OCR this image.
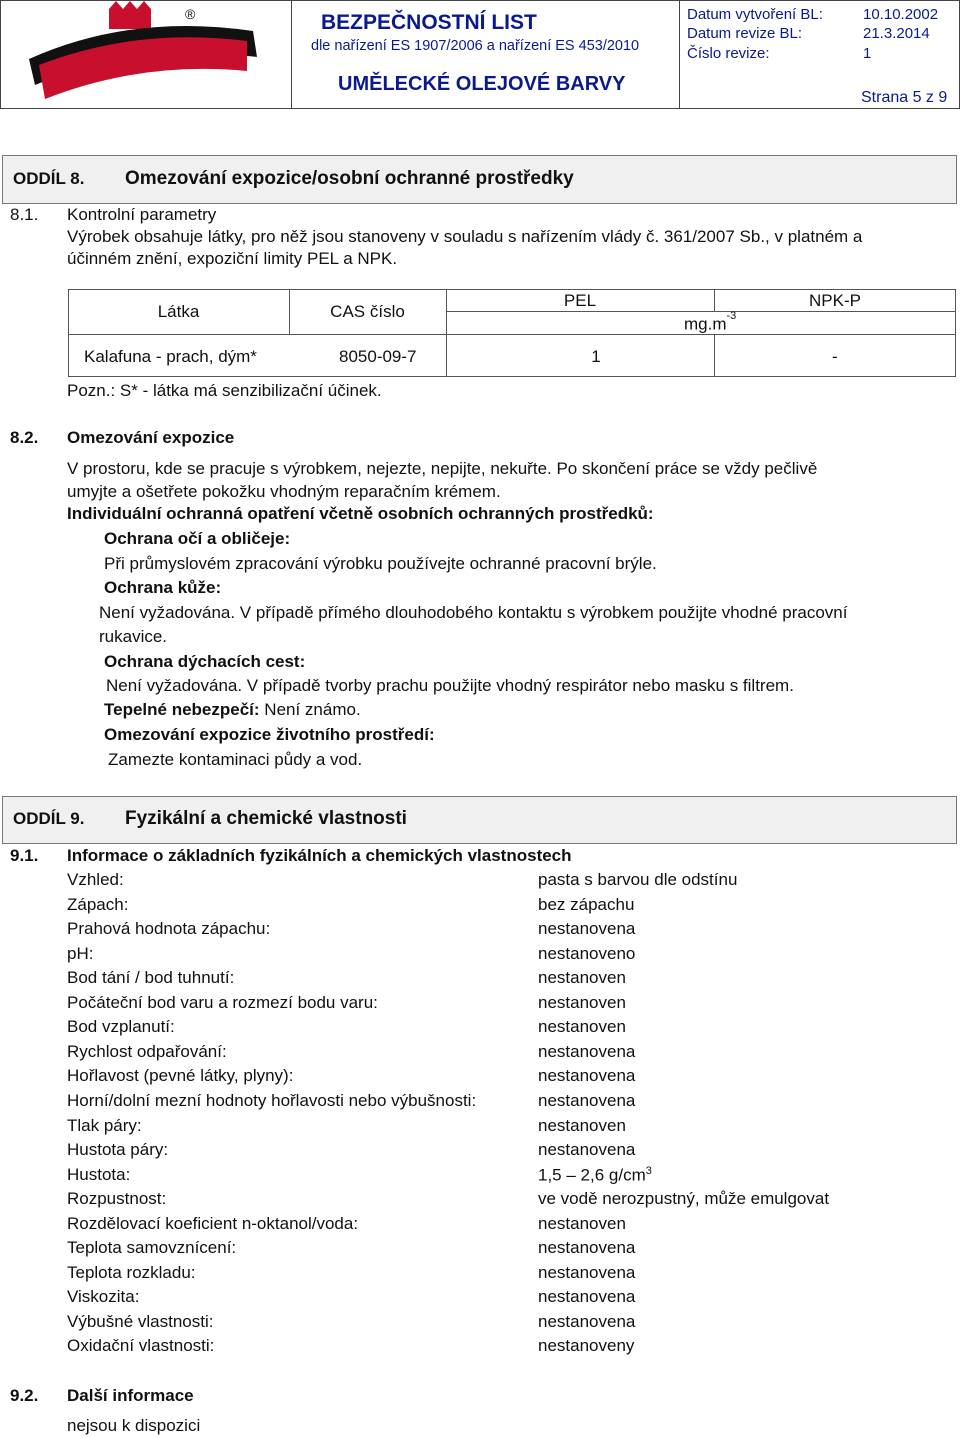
®
✦
BEZPEČNOSTNÍ LIST
dle nařízení ES 1907/2006 a nařízení ES 453/2010
UMĚLECKÉ OLEJOVÉ BARVY
Datum vytvoření BL:	10.10.2002
Datum revize BL:	21.3.2014
Číslo revize:	1
Strana 5 z 9
ODDÍL 8. Omezování expozice/osobní ochranné prostředky
8.1. Kontrolní parametry
Výrobek obsahuje látky, pro něž jsou stanoveny v souladu s nařízením vlády č. 361/2007 Sb., v platném a
účinném znění, expoziční limity PEL a NPK.
Látka	CAS číslo
PEL	NPK-P
$mg.m^{-3}$
Kalafuna - prach, dým*	8050-09-7	1	-
Pozn.: S* - látka má senzibilizační účinek.
8.2. Omezování expozice
V prostoru, kde se pracuje s výrobkem, nejezte, nepijte, nekuřte. Po skončení práce se vždy pečlivě
umyjte a ošetřete pokožku vhodným reparačním krémem.
Individuální ochranná opatření včetně osobních ochranných prostředků:
Ochrana očí a obličeje:
Při průmyslovém zpracování výrobku používejte ochranné pracovní brýle.
Ochrana kůže:
Není vyžadována. V případě přímého dlouhodobého kontaktu s výrobkem použijte vhodné pracovní
rukavice.
Ochrana dýchacích cest:
Není vyžadována. V případě tvorby prachu použijte vhodný respirátor nebo masku s filtrem.
Tepelné nebezpečí: Není známo.
Omezování expozice životního prostředí:
Zamezte kontaminaci půdy a vod.
ODDÍL 9. Fyzikální a chemické vlastnosti
9.1. Informace o základních fyzikálních a chemických vlastnostech
Vzhled:	pasta s barvou dle odstínu
Zápach:	bez zápachu
Prahová hodnota zápachu:	nestanovena
pH:	nestanoveno
Bod tání / bod tuhnutí:	nestanoven
Počáteční bod varu a rozmezí bodu varu:	nestanoven
Bod vzplanutí:	nestanoven
Rychlost odpařování:	nestanovena
Hořlavost (pevné látky, plyny):	nestanovena
Horní/dolní mezní hodnoty hořlavosti nebo výbušnosti:	nestanovena
Tlak páry:	nestanoven
Hustota páry:	nestanovena
Hustota:	1,5 – 2,6 $g/cm^3$
Rozpustnost:	ve vodě nerozpustný, může emulgovat
Rozdělovací koeficient n-oktanol/voda:	nestanoven
Teplota samovznícení:	nestanovena
Teplota rozkladu:	nestanovena
Viskozita:	nestanovena
Výbušné vlastnosti:	nestanovena
Oxidační vlastnosti:	nestanoveny
9.2. Další informace
nejsou k dispozici
